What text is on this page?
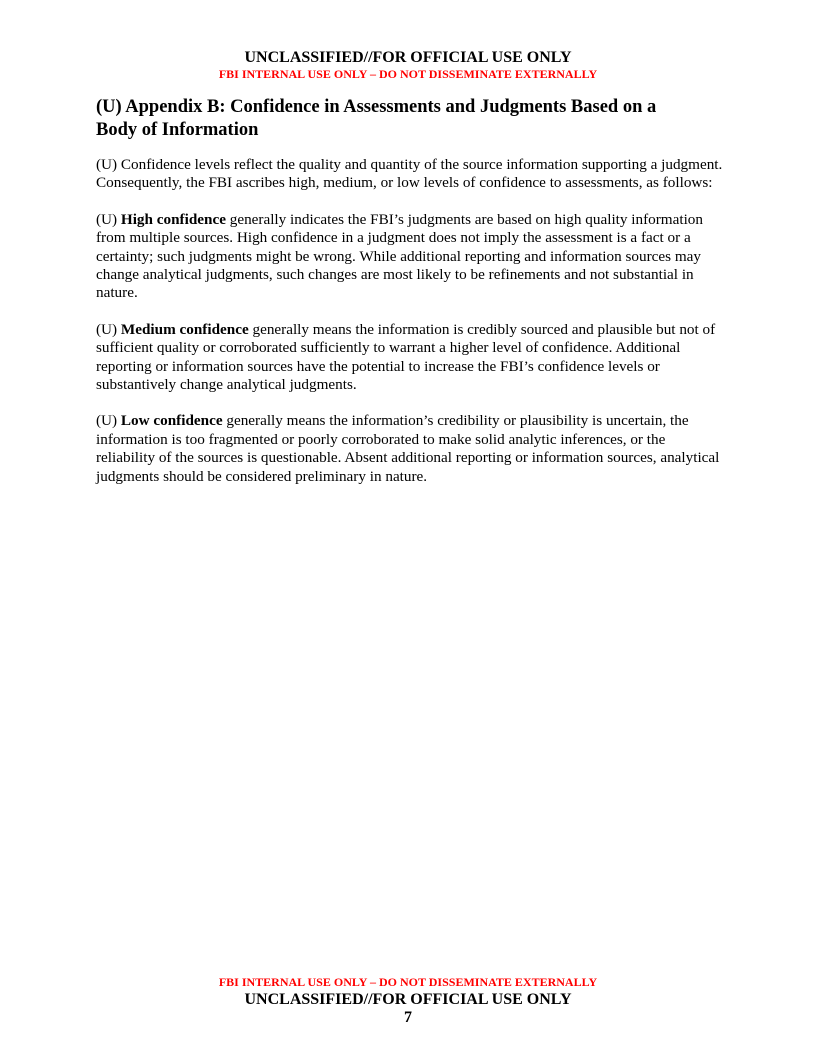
UNCLASSIFIED//FOR OFFICIAL USE ONLY

FBI INTERNAL USE ONLY – DO NOT DISSEMINATE EXTERNALLY

(U) Appendix B: Confidence in Assessments and Judgments Based on a Body of Information

(U) Confidence levels reflect the quality and quantity of the source information supporting a judgment. Consequently, the FBI ascribes high, medium, or low levels of confidence to assessments, as follows:

(U) High confidence generally indicates the FBI’s judgments are based on high quality information from multiple sources. High confidence in a judgment does not imply the assessment is a fact or a certainty; such judgments might be wrong. While additional reporting and information sources may change analytical judgments, such changes are most likely to be refinements and not substantial in nature.

(U) Medium confidence generally means the information is credibly sourced and plausible but not of sufficient quality or corroborated sufficiently to warrant a higher level of confidence. Additional reporting or information sources have the potential to increase the FBI’s confidence levels or substantively change analytical judgments.

(U) Low confidence generally means the information’s credibility or plausibility is uncertain, the information is too fragmented or poorly corroborated to make solid analytic inferences, or the reliability of the sources is questionable. Absent additional reporting or information sources, analytical judgments should be considered preliminary in nature.

FBI INTERNAL USE ONLY – DO NOT DISSEMINATE EXTERNALLY

UNCLASSIFIED//FOR OFFICIAL USE ONLY

7
